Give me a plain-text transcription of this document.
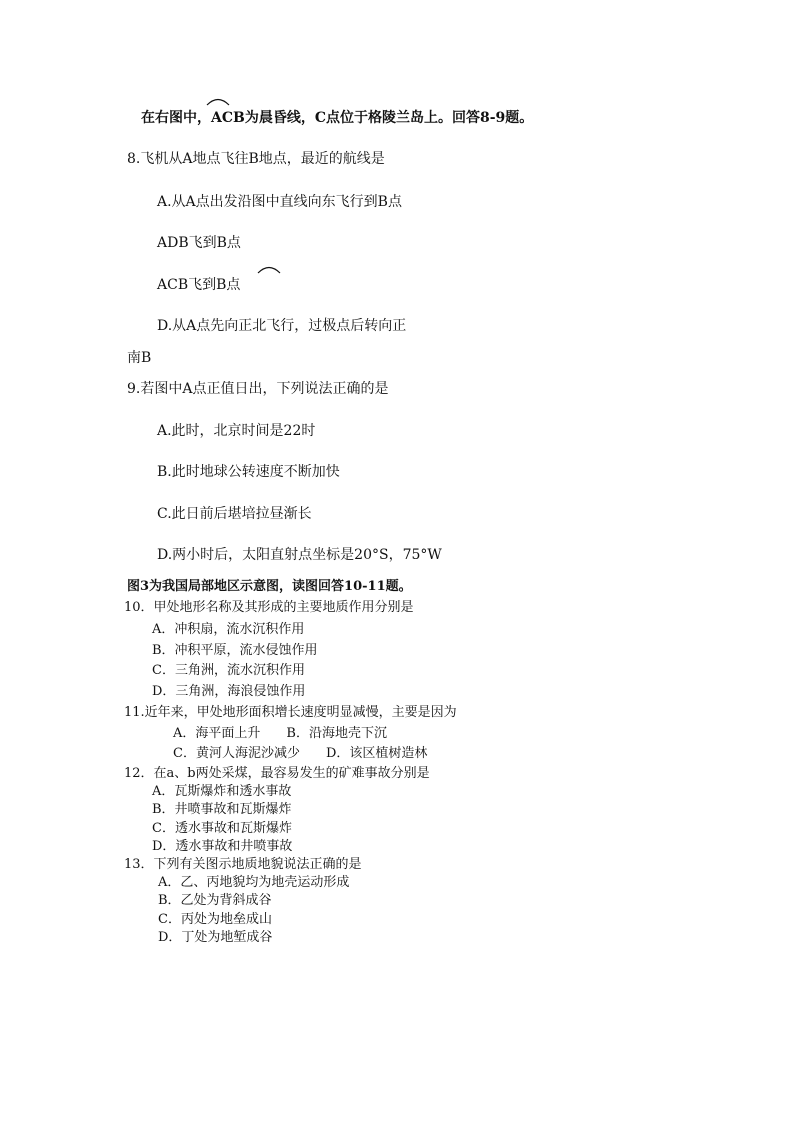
在右图中，ACB为晨昏线，C点位于格陵兰岛上。回答8-9题。
8.飞机从A地点飞往B地点，最近的航线是
A.从A点出发沿图中直线向东飞行到B点
ADB飞到B点
ACB飞到B点
D.从A点先向正北飞行，过极点后转向正
南B
9.若图中A点正值日出，下列说法正确的是
A.此时，北京时间是22时
B.此时地球公转速度不断加快
C.此日前后堪培拉昼渐长
D.两小时后，太阳直射点坐标是20°S，75°W
图3为我国局部地区示意图，读图回答10-11题。
10．甲处地形名称及其形成的主要地质作用分别是
A．冲积扇，流水沉积作用
B．冲积平原，流水侵蚀作用
C．三角洲，流水沉积作用
D．三角洲，海浪侵蚀作用
11.近年来，甲处地形面积增长速度明显减慢，主要是因为
A．海平面上升　　B．沿海地壳下沉
C．黄河人海泥沙减少　　D．该区植树造林
12．在a、b两处采煤，最容易发生的矿难事故分别是
A．瓦斯爆炸和透水事故
B．井喷事故和瓦斯爆炸
C．透水事故和瓦斯爆炸
D．透水事故和井喷事故
13．下列有关图示地质地貌说法正确的是
A．乙、丙地貌均为地壳运动形成
B．乙处为背斜成谷
C．丙处为地垒成山
D．丁处为地堑成谷
